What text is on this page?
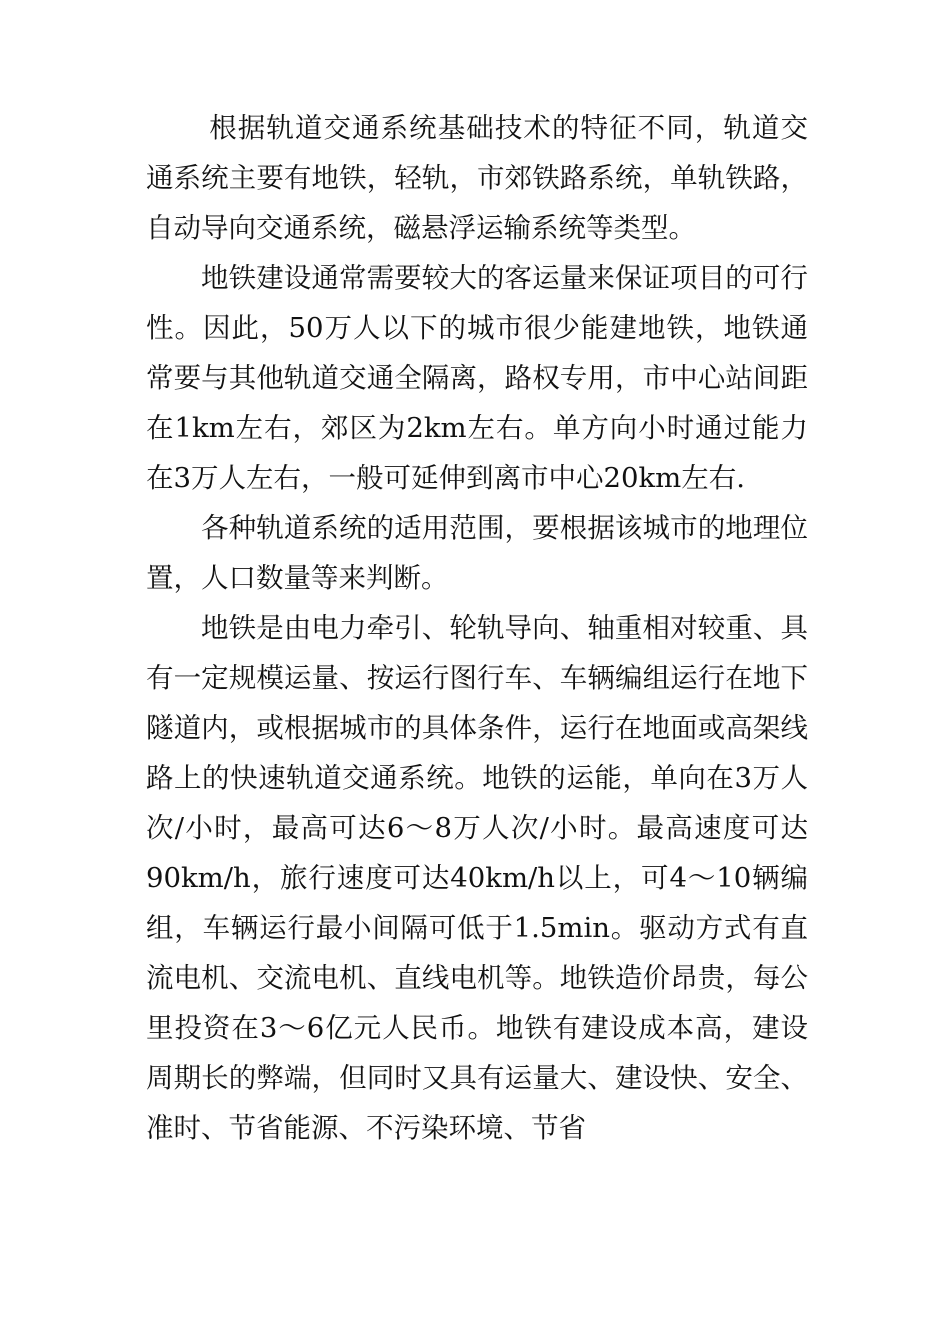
根据轨道交通系统基础技术的特征不同，轨道交通系统主要有地铁，轻轨，市郊铁路系统，单轨铁路，自动导向交通系统，磁悬浮运输系统等类型。

地铁建设通常需要较大的客运量来保证项目的可行性。因此，50万人以下的城市很少能建地铁，地铁通常要与其他轨道交通全隔离，路权专用，市中心站间距在1km左右，郊区为2km左右。单方向小时通过能力在3万人左右，一般可延伸到离市中心20km左右.

各种轨道系统的适用范围，要根据该城市的地理位置，人口数量等来判断。

地铁是由电力牵引、轮轨导向、轴重相对较重、具有一定规模运量、按运行图行车、车辆编组运行在地下隧道内，或根据城市的具体条件，运行在地面或高架线路上的快速轨道交通系统。地铁的运能，单向在3万人次/小时，最高可达6～8万人次/小时。最高速度可达90km/h，旅行速度可达40km/h以上，可4～10辆编组，车辆运行最小间隔可低于1.5min。驱动方式有直流电机、交流电机、直线电机等。地铁造价昂贵，每公里投资在3～6亿元人民币。地铁有建设成本高，建设周期长的弊端，但同时又具有运量大、建设快、安全、准时、节省能源、不污染环境、节省
